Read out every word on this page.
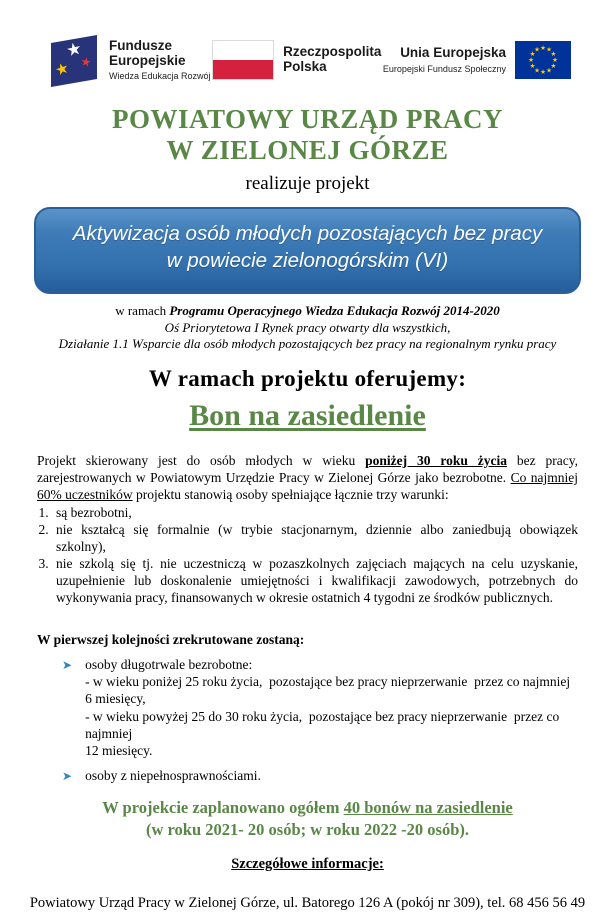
★
★
★
Fundusze
Europejskie
Wiedza Edukacja Rozwój
Rzeczpospolita
Polska
Unia Europejska
Europejski Fundusz Społeczny
★ ★
★
★
★
★
★
★
★
★
★
★
POWIATOWY URZĄD PRACY
W ZIELONEJ GÓRZE
realizuje projekt
Aktywizacja osób młodych pozostających bez pracy
w powiecie zielonogórskim (VI)
w ramach Programu Operacyjnego Wiedza Edukacja Rozwój 2014-2020
Oś Priorytetowa I Rynek pracy otwarty dla wszystkich,
Działanie 1.1 Wsparcie dla osób młodych pozostających bez pracy na regionalnym rynku pracy
W ramach projektu oferujemy:
Bon na zasiedlenie
Projekt skierowany jest do osób młodych w wieku poniżej 30 roku życia bez pracy, zarejestrowanych w Powiatowym Urzędzie Pracy w Zielonej Górze jako bezrobotne. Co najmniej 60% uczestników projektu stanowią osoby spełniające łącznie trzy warunki:
1. są bezrobotni,
2. nie kształcą się formalnie (w trybie stacjonarnym, dziennie albo zaniedbują obowiązek szkolny),
3. nie szkolą się tj. nie uczestniczą w pozaszkolnych zajęciach mających na celu uzyskanie, uzupełnienie lub doskonalenie umiejętności i kwalifikacji zawodowych, potrzebnych do wykonywania pracy, finansowanych w okresie ostatnich 4 tygodni ze środków publicznych.
W pierwszej kolejności zrekrutowane zostaną:
➤ osoby długotrwale bezrobotne:
- w wieku poniżej 25 roku życia,  pozostające bez pracy nieprzerwanie  przez co najmniej
6 miesięcy,
- w wieku powyżej 25 do 30 roku życia,  pozostające bez pracy nieprzerwanie  przez co najmniej
12 miesięcy.
➤ osoby z niepełnosprawnościami.
W projekcie zaplanowano ogółem 40 bonów na zasiedlenie
(w roku 2021- 20 osób; w roku 2022 -20 osób).
Szczegółowe informacje:
Powiatowy Urząd Pracy w Zielonej Górze, ul. Batorego 126 A (pokój nr 309), tel. 68 456 56 49
